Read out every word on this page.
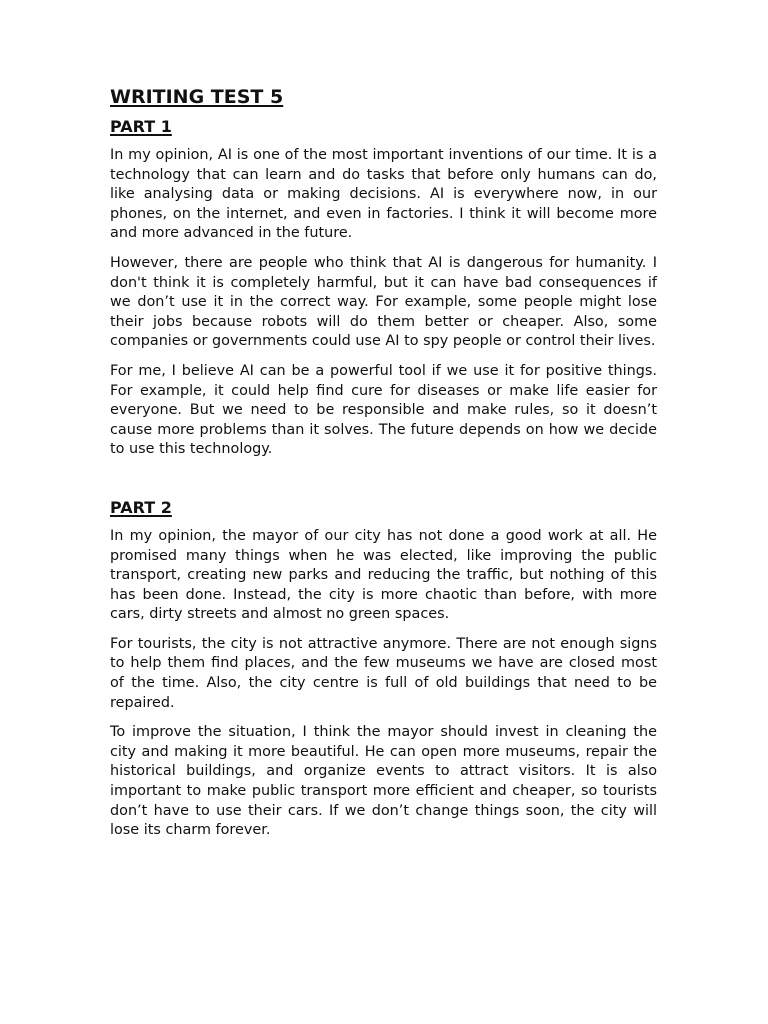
WRITING TEST 5
PART 1

In my opinion, AI is one of the most important inventions of our time. It is a technology that can learn and do tasks that before only humans can do, like analysing data or making decisions. AI is everywhere now, in our phones, on the internet, and even in factories. I think it will become more and more advanced in the future.

However, there are people who think that AI is dangerous for humanity. I don't think it is completely harmful, but it can have bad consequences if we don’t use it in the correct way. For example, some people might lose their jobs because robots will do them better or cheaper. Also, some companies or governments could use AI to spy people or control their lives.

For me, I believe AI can be a powerful tool if we use it for positive things. For example, it could help find cure for diseases or make life easier for everyone. But we need to be responsible and make rules, so it doesn’t cause more problems than it solves. The future depends on how we decide to use this technology.

PART 2

In my opinion, the mayor of our city has not done a good work at all. He promised many things when he was elected, like improving the public transport, creating new parks and reducing the traffic, but nothing of this has been done. Instead, the city is more chaotic than before, with more cars, dirty streets and almost no green spaces.

For tourists, the city is not attractive anymore. There are not enough signs to help them find places, and the few museums we have are closed most of the time. Also, the city centre is full of old buildings that need to be repaired.

To improve the situation, I think the mayor should invest in cleaning the city and making it more beautiful. He can open more museums, repair the historical buildings, and organize events to attract visitors. It is also important to make public transport more efficient and cheaper, so tourists don’t have to use their cars. If we don’t change things soon, the city will lose its charm forever.
